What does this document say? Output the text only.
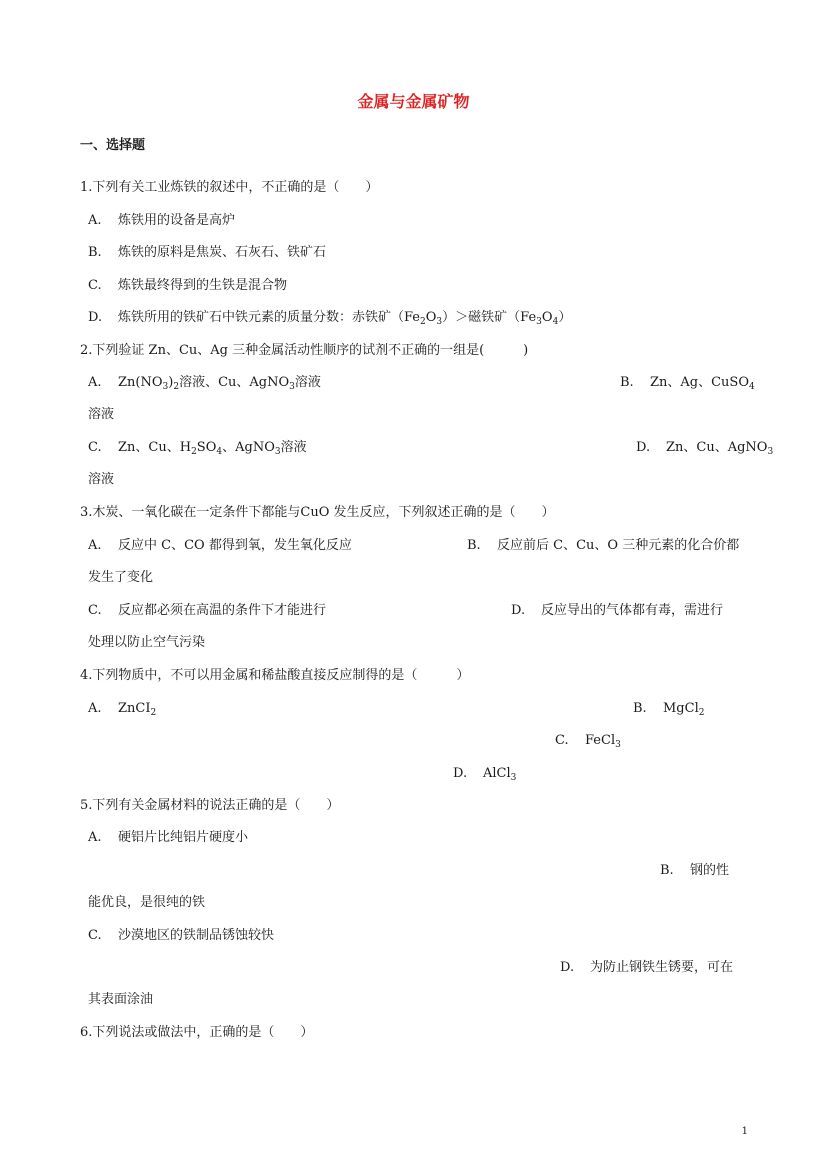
金属与金属矿物
一、选择题
1.下列有关工业炼铁的叙述中，不正确的是（　　）
A. 炼铁用的设备是高炉
B. 炼铁的原料是焦炭、石灰石、铁矿石
C. 炼铁最终得到的生铁是混合物
D. 炼铁所用的铁矿石中铁元素的质量分数：赤铁矿$(Fe_2O_3)>$磁铁矿$(Fe_3O_4)$
2.下列验证 Zn、Cu、Ag 三种金属活动性顺序的试剂不正确的一组是(　　　)
A. $Zn(NO_3)_2$溶液、Cu、AgNO$_3$溶液	B. Zn、Ag、CuSO$_4$
溶液
C. Zn、Cu、$H_2SO_4$、AgNO$_3$溶液	D. Zn、Cu、AgNO$_3$
溶液
3.木炭、一氧化碳在一定条件下都能与CuO 发生反应，下列叙述正确的是（　　）
A. 反应中 C、CO 都得到氧，发生氧化反应	B. 反应前后 C、Cu、O 三种元素的化合价都
发生了变化
C. 反应都必须在高温的条件下才能进行	D. 反应导出的气体都有毒，需进行
处理以防止空气污染
4.下列物质中，不可以用金属和稀盐酸直接反应制得的是（　　　）
A. ZnCI$_2$	B. MgCl$_2$
C. FeCl$_3$
D. AlCl$_3$
5.下列有关金属材料的说法正确的是（　　）
A. 硬铝片比纯铝片硬度小
B. 钢的性
能优良，是很纯的铁
C. 沙漠地区的铁制品锈蚀较快
D. 为防止钢铁生锈要，可在
其表面涂油
6.下列说法或做法中，正确的是（　　）
1
